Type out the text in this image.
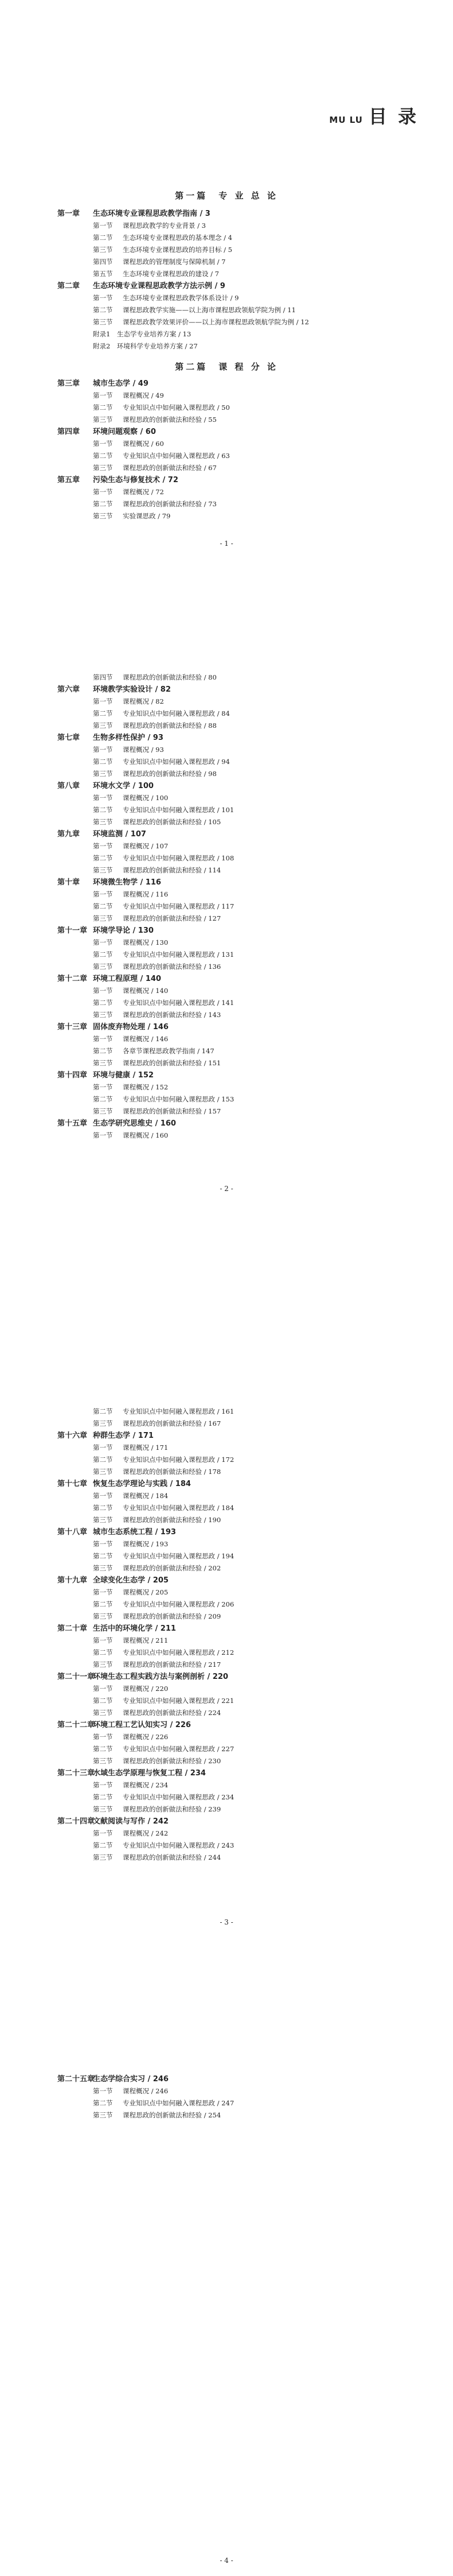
MU LU 目 录
第一篇　专 业 总 论
第一章 生态环境专业课程思政教学指南 / 3
第一节 课程思政教学的专业背景 / 3
第二节 生态环境专业课程思政的基本理念 / 4
第三节 生态环境专业课程思政的培养目标 / 5
第四节 课程思政的管理制度与保障机制 / 7
第五节 生态环境专业课程思政的建设 / 7
第二章 生态环境专业课程思政教学方法示例 / 9
第一节 生态环境专业课程思政教学体系设计 / 9
第二节 课程思政教学实施——以上海市课程思政领航学院为例 / 11
第三节 课程思政教学效果评价——以上海市课程思政领航学院为例 / 12
附录1　生态学专业培养方案 / 13
附录2　环境科学专业培养方案 / 27
第二篇　课 程 分 论
第三章 城市生态学 / 49
第一节 课程概况 / 49
第二节 专业知识点中如何融入课程思政 / 50
第三节 课程思政的创新做法和经验 / 55
第四章 环境问题观察 / 60
第一节 课程概况 / 60
第二节 专业知识点中如何融入课程思政 / 63
第三节 课程思政的创新做法和经验 / 67
第五章 污染生态与修复技术 / 72
第一节 课程概况 / 72
第二节 课程思政的创新做法和经验 / 73
第三节 实验课思政 / 79
- 1 -
第四节 课程思政的创新做法和经验 / 80
第六章 环境教学实验设计 / 82
第一节 课程概况 / 82
第二节 专业知识点中如何融入课程思政 / 84
第三节 课程思政的创新做法和经验 / 88
第七章 生物多样性保护 / 93
第一节 课程概况 / 93
第二节 专业知识点中如何融入课程思政 / 94
第三节 课程思政的创新做法和经验 / 98
第八章 环境水文学 / 100
第一节 课程概况 / 100
第二节 专业知识点中如何融入课程思政 / 101
第三节 课程思政的创新做法和经验 / 105
第九章 环境监测 / 107
第一节 课程概况 / 107
第二节 专业知识点中如何融入课程思政 / 108
第三节 课程思政的创新做法和经验 / 114
第十章 环境微生物学 / 116
第一节 课程概况 / 116
第二节 专业知识点中如何融入课程思政 / 117
第三节 课程思政的创新做法和经验 / 127
第十一章 环境学导论 / 130
第一节 课程概况 / 130
第二节 专业知识点中如何融入课程思政 / 131
第三节 课程思政的创新做法和经验 / 136
第十二章 环境工程原理 / 140
第一节 课程概况 / 140
第二节 专业知识点中如何融入课程思政 / 141
第三节 课程思政的创新做法和经验 / 143
第十三章 固体废弃物处理 / 146
第一节 课程概况 / 146
第二节 各章节课程思政教学指南 / 147
第三节 课程思政的创新做法和经验 / 151
第十四章 环境与健康 / 152
第一节 课程概况 / 152
第二节 专业知识点中如何融入课程思政 / 153
第三节 课程思政的创新做法和经验 / 157
第十五章 生态学研究思维史 / 160
第一节 课程概况 / 160
- 2 -
第二节 专业知识点中如何融入课程思政 / 161
第三节 课程思政的创新做法和经验 / 167
第十六章 种群生态学 / 171
第一节 课程概况 / 171
第二节 专业知识点中如何融入课程思政 / 172
第三节 课程思政的创新做法和经验 / 178
第十七章 恢复生态学理论与实践 / 184
第一节 课程概况 / 184
第二节 专业知识点中如何融入课程思政 / 184
第三节 课程思政的创新做法和经验 / 190
第十八章 城市生态系统工程 / 193
第一节 课程概况 / 193
第二节 专业知识点中如何融入课程思政 / 194
第三节 课程思政的创新做法和经验 / 202
第十九章 全球变化生态学 / 205
第一节 课程概况 / 205
第二节 专业知识点中如何融入课程思政 / 206
第三节 课程思政的创新做法和经验 / 209
第二十章 生活中的环境化学 / 211
第一节 课程概况 / 211
第二节 专业知识点中如何融入课程思政 / 212
第三节 课程思政的创新做法和经验 / 217
第二十一章环境生态工程实践方法与案例剖析 / 220
第一节 课程概况 / 220
第二节 专业知识点中如何融入课程思政 / 221
第三节 课程思政的创新做法和经验 / 224
第二十二章环境工程工艺认知实习 / 226
第一节 课程概况 / 226
第二节 专业知识点中如何融入课程思政 / 227
第三节 课程思政的创新做法和经验 / 230
第二十三章水域生态学原理与恢复工程 / 234
第一节 课程概况 / 234
第二节 专业知识点中如何融入课程思政 / 234
第三节 课程思政的创新做法和经验 / 239
第二十四章文献阅读与写作 / 242
第一节 课程概况 / 242
第二节 专业知识点中如何融入课程思政 / 243
第三节 课程思政的创新做法和经验 / 244
- 3 -
第二十五章生态学综合实习 / 246
第一节 课程概况 / 246
第二节 专业知识点中如何融入课程思政 / 247
第三节 课程思政的创新做法和经验 / 254
- 4 -
